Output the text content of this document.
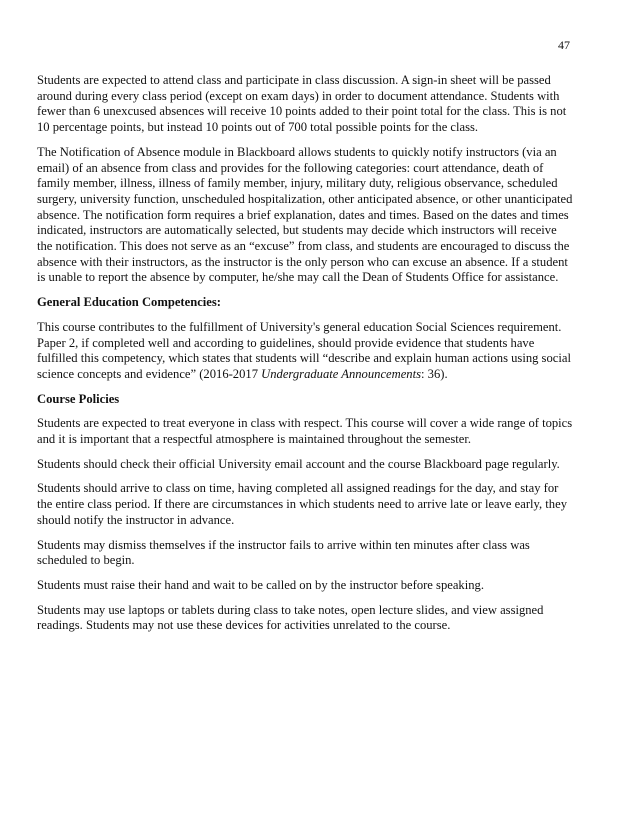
47

Students are expected to attend class and participate in class discussion. A sign-in sheet will be passed
around during every class period (except on exam days) in order to document attendance. Students with
fewer than 6 unexcused absences will receive 10 points added to their point total for the class. This is not
10 percentage points, but instead 10 points out of 700 total possible points for the class.

The Notification of Absence module in Blackboard allows students to quickly notify instructors (via an
email) of an absence from class and provides for the following categories: court attendance, death of
family member, illness, illness of family member, injury, military duty, religious observance, scheduled
surgery, university function, unscheduled hospitalization, other anticipated absence, or other unanticipated
absence. The notification form requires a brief explanation, dates and times. Based on the dates and times
indicated, instructors are automatically selected, but students may decide which instructors will receive
the notification. This does not serve as an “excuse” from class, and students are encouraged to discuss the
absence with their instructors, as the instructor is the only person who can excuse an absence. If a student
is unable to report the absence by computer, he/she may call the Dean of Students Office for assistance.

General Education Competencies:

This course contributes to the fulfillment of University's general education Social Sciences requirement.
Paper 2, if completed well and according to guidelines, should provide evidence that students have
fulfilled this competency, which states that students will “describe and explain human actions using social
science concepts and evidence” (2016-2017 Undergraduate Announcements: 36).

Course Policies

Students are expected to treat everyone in class with respect. This course will cover a wide range of topics
and it is important that a respectful atmosphere is maintained throughout the semester.

Students should check their official University email account and the course Blackboard page regularly.

Students should arrive to class on time, having completed all assigned readings for the day, and stay for
the entire class period. If there are circumstances in which students need to arrive late or leave early, they
should notify the instructor in advance.

Students may dismiss themselves if the instructor fails to arrive within ten minutes after class was
scheduled to begin.

Students must raise their hand and wait to be called on by the instructor before speaking.

Students may use laptops or tablets during class to take notes, open lecture slides, and view assigned
readings. Students may not use these devices for activities unrelated to the course.
